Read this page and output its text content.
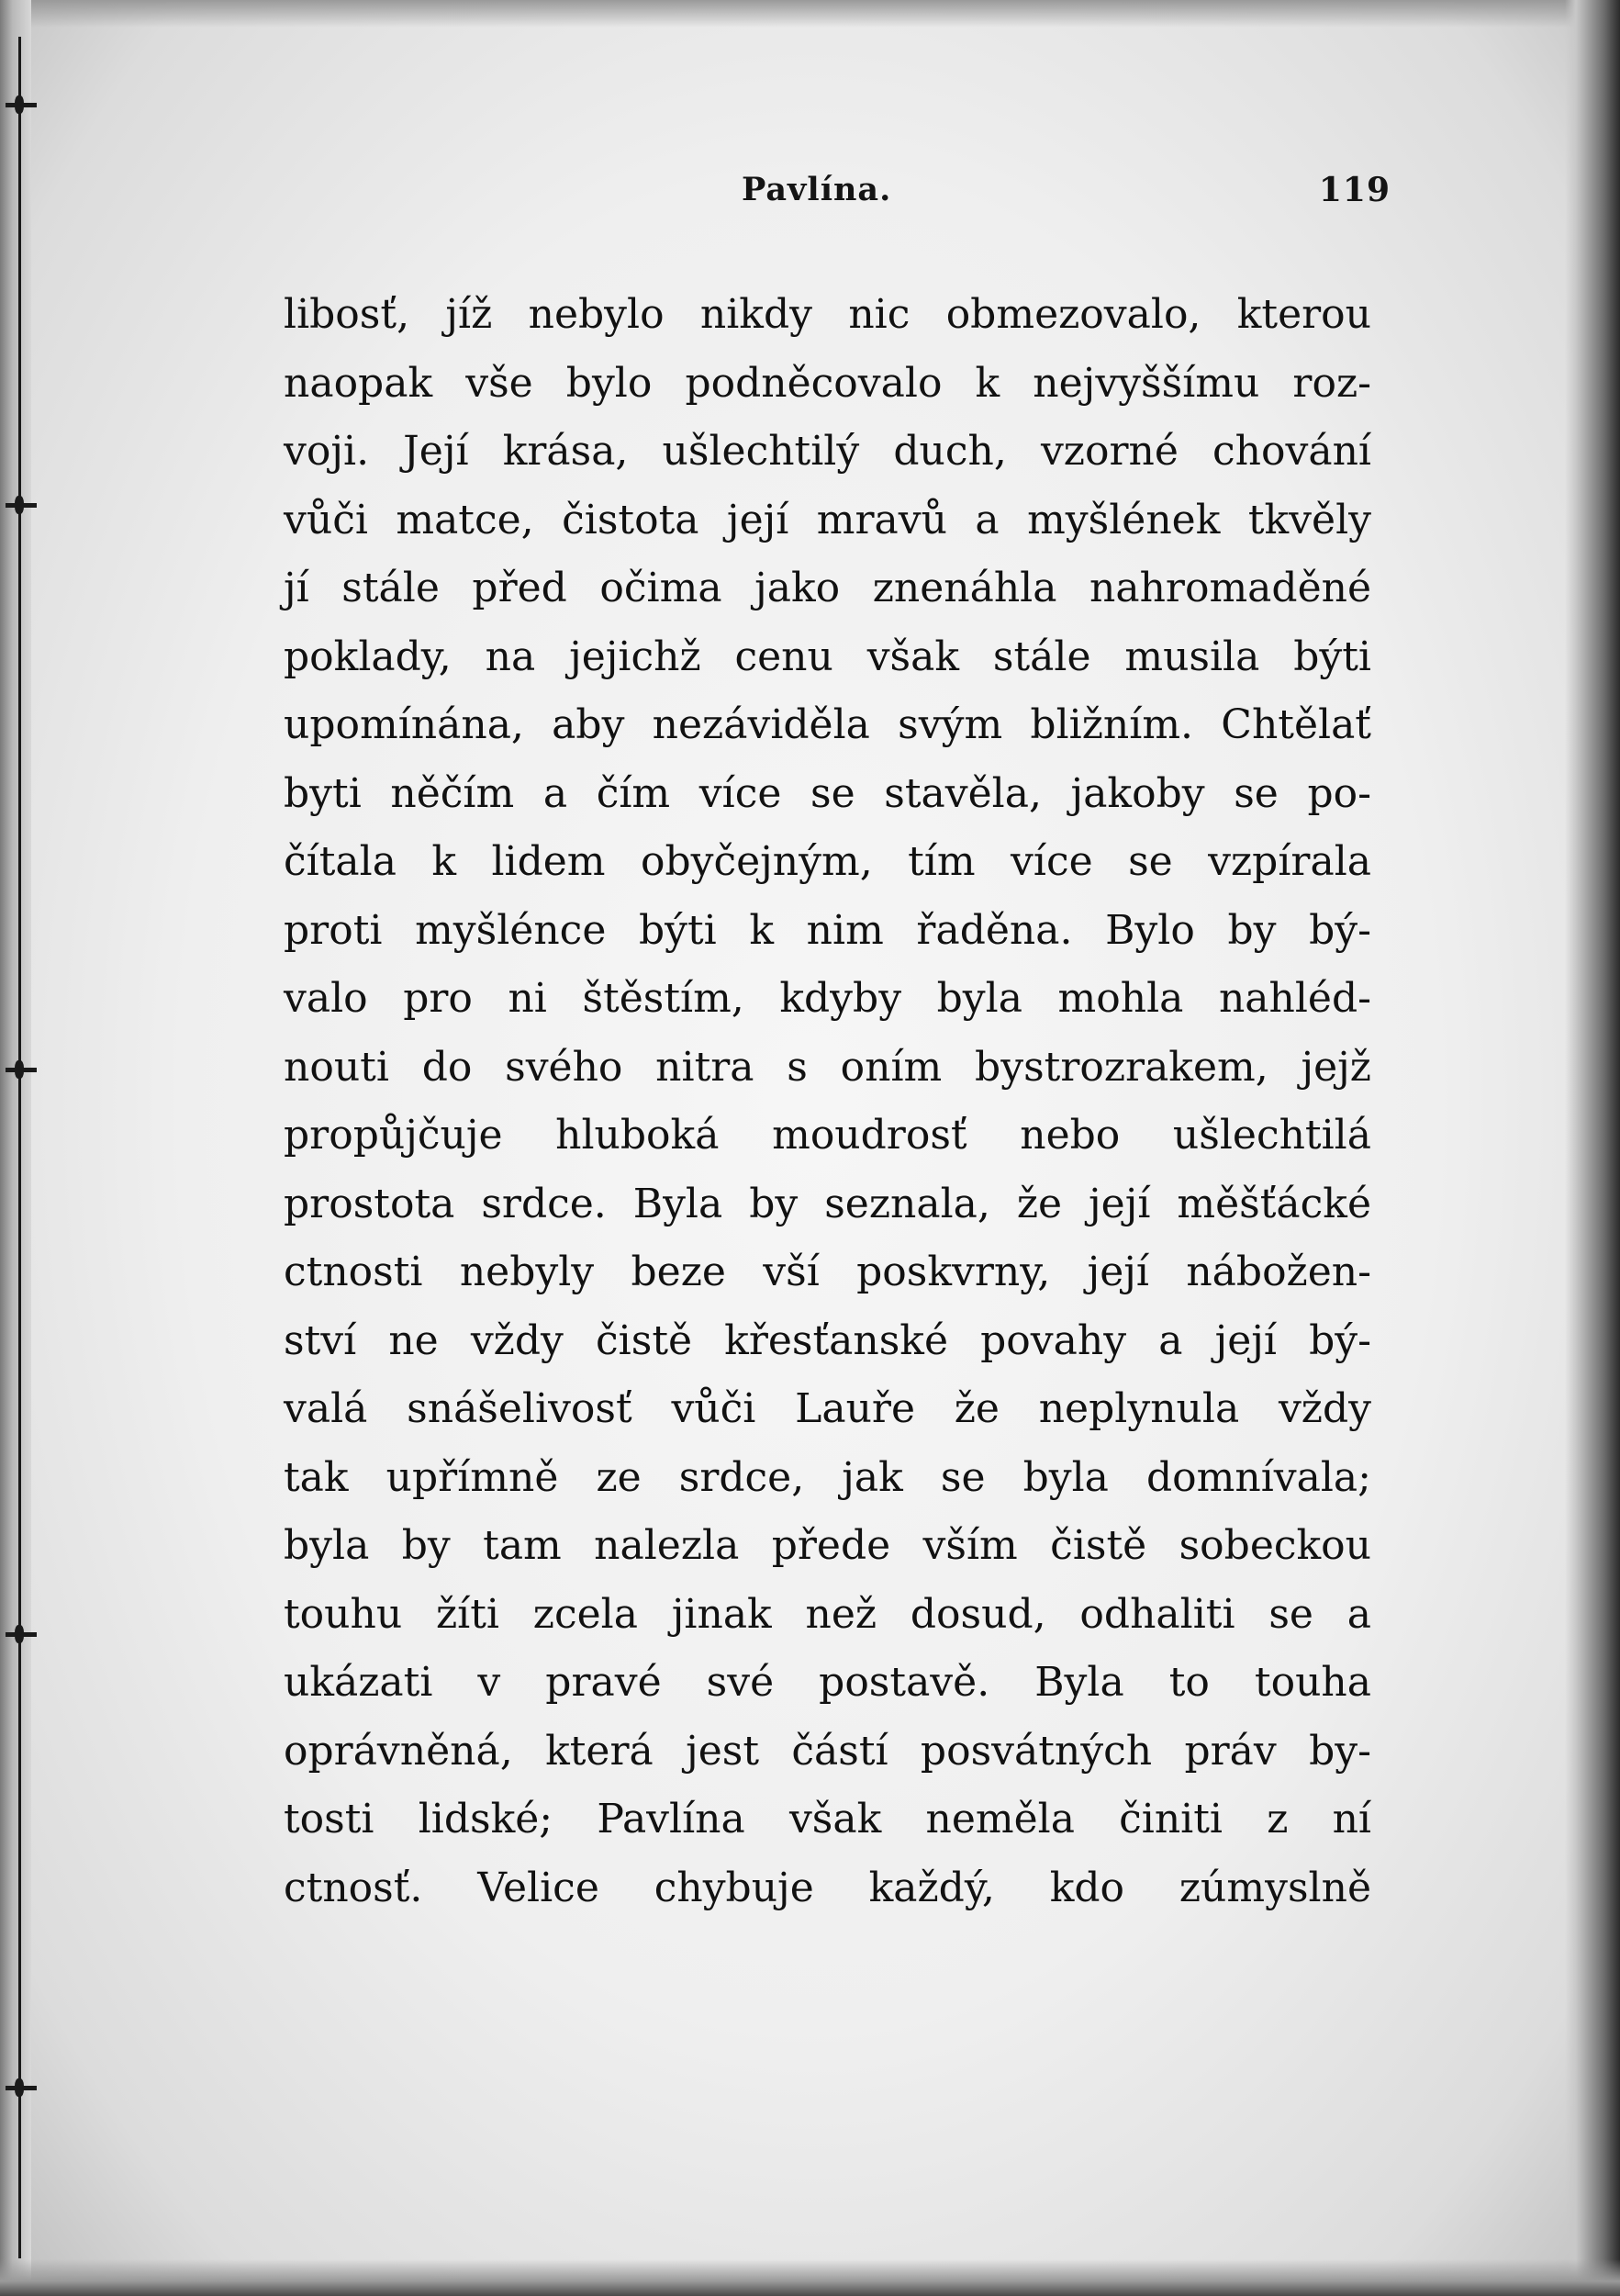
Pavlína.	119
libosť, jíž nebylo nikdy nic obmezovalo, kterou
naopak vše bylo podněcovalo k nejvyššímu roz-
voji. Její krása, ušlechtilý duch, vzorné chování
vůči matce, čistota její mravů a myšlének tkvěly
jí stále před očima jako znenáhla nahromaděné
poklady, na jejichž cenu však stále musila býti
upomínána, aby nezáviděla svým bližním. Chtělať
byti něčím a čím více se stavěla, jakoby se po-
čítala k lidem obyčejným, tím více se vzpírala
proti myšlénce býti k nim řaděna. Bylo by bý-
valo pro ni štěstím, kdyby byla mohla nahléd-
nouti do svého nitra s oním bystrozrakem, jejž
propůjčuje hluboká moudrosť nebo ušlechtilá
prostota srdce. Byla by seznala, že její měšťácké
ctnosti nebyly beze vší poskvrny, její nábožen-
ství ne vždy čistě křesťanské povahy a její bý-
valá snášelivosť vůči Lauře že neplynula vždy
tak upřímně ze srdce, jak se byla domnívala;
byla by tam nalezla přede vším čistě sobeckou
touhu žíti zcela jinak než dosud, odhaliti se a
ukázati v pravé své postavě. Byla to touha
oprávněná, která jest částí posvátných práv by-
tosti lidské; Pavlína však neměla činiti z ní
ctnosť. Velice chybuje každý, kdo zúmyslně
